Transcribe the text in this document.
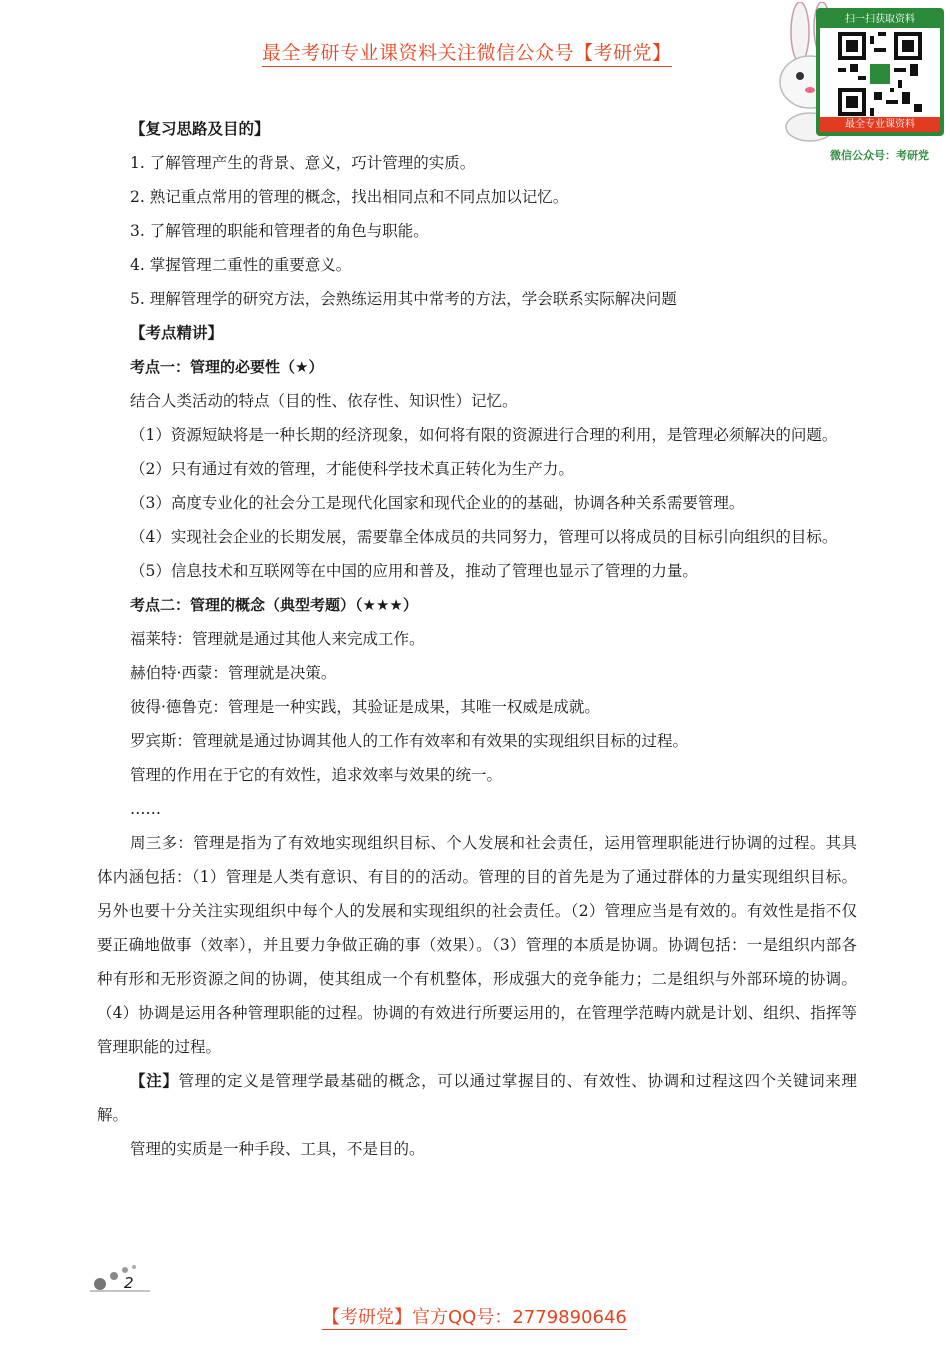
最全考研专业课资料关注微信公众号【考研党】
扫一扫获取资料
最全专业课资料
微信公众号：考研党
【复习思路及目的】
1. 了解管理产生的背景、意义，巧计管理的实质。
2. 熟记重点常用的管理的概念，找出相同点和不同点加以记忆。
3. 了解管理的职能和管理者的角色与职能。
4. 掌握管理二重性的重要意义。
5. 理解管理学的研究方法，会熟练运用其中常考的方法，学会联系实际解决问题
【考点精讲】
考点一：管理的必要性（★）
结合人类活动的特点（目的性、依存性、知识性）记忆。

（1）资源短缺将是一种长期的经济现象，如何将有限的资源进行合理的利用，是管理必须解决的问题。

（2）只有通过有效的管理，才能使科学技术真正转化为生产力。

（3）高度专业化的社会分工是现代化国家和现代企业的的基础，协调各种关系需要管理。

（4）实现社会企业的长期发展，需要靠全体成员的共同努力，管理可以将成员的目标引向组织的目标。

（5）信息技术和互联网等在中国的应用和普及，推动了管理也显示了管理的力量。

考点二：管理的概念（典型考题）（★★★）
福莱特：管理就是通过其他人来完成工作。
赫伯特·西蒙：管理就是决策。
彼得·德鲁克：管理是一种实践，其验证是成果，其唯一权威是成就。
罗宾斯：管理就是通过协调其他人的工作有效率和有效果的实现组织目标的过程。
管理的作用在于它的有效性，追求效率与效果的统一。
……

周三多：管理是指为了有效地实现组织目标、个人发展和社会责任，运用管理职能进行协调的过程。其具体内涵包括：（1）管理是人类有意识、有目的的活动。管理的目的首先是为了通过群体的力量实现组织目标。另外也要十分关注实现组织中每个人的发展和实现组织的社会责任。（2）管理应当是有效的。有效性是指不仅要正确地做事（效率），并且要力争做正确的事（效果）。（3）管理的本质是协调。协调包括：一是组织内部各种有形和无形资源之间的协调，使其组成一个有机整体，形成强大的竞争能力；二是组织与外部环境的协调。（4）协调是运用各种管理职能的过程。协调的有效进行所要运用的，在管理学范畴内就是计划、组织、指挥等管理职能的过程。

【注】管理的定义是管理学最基础的概念，可以通过掌握目的、有效性、协调和过程这四个关键词来理解。

管理的实质是一种手段、工具，不是目的。
2
【考研党】官方QQ号：2779890646
